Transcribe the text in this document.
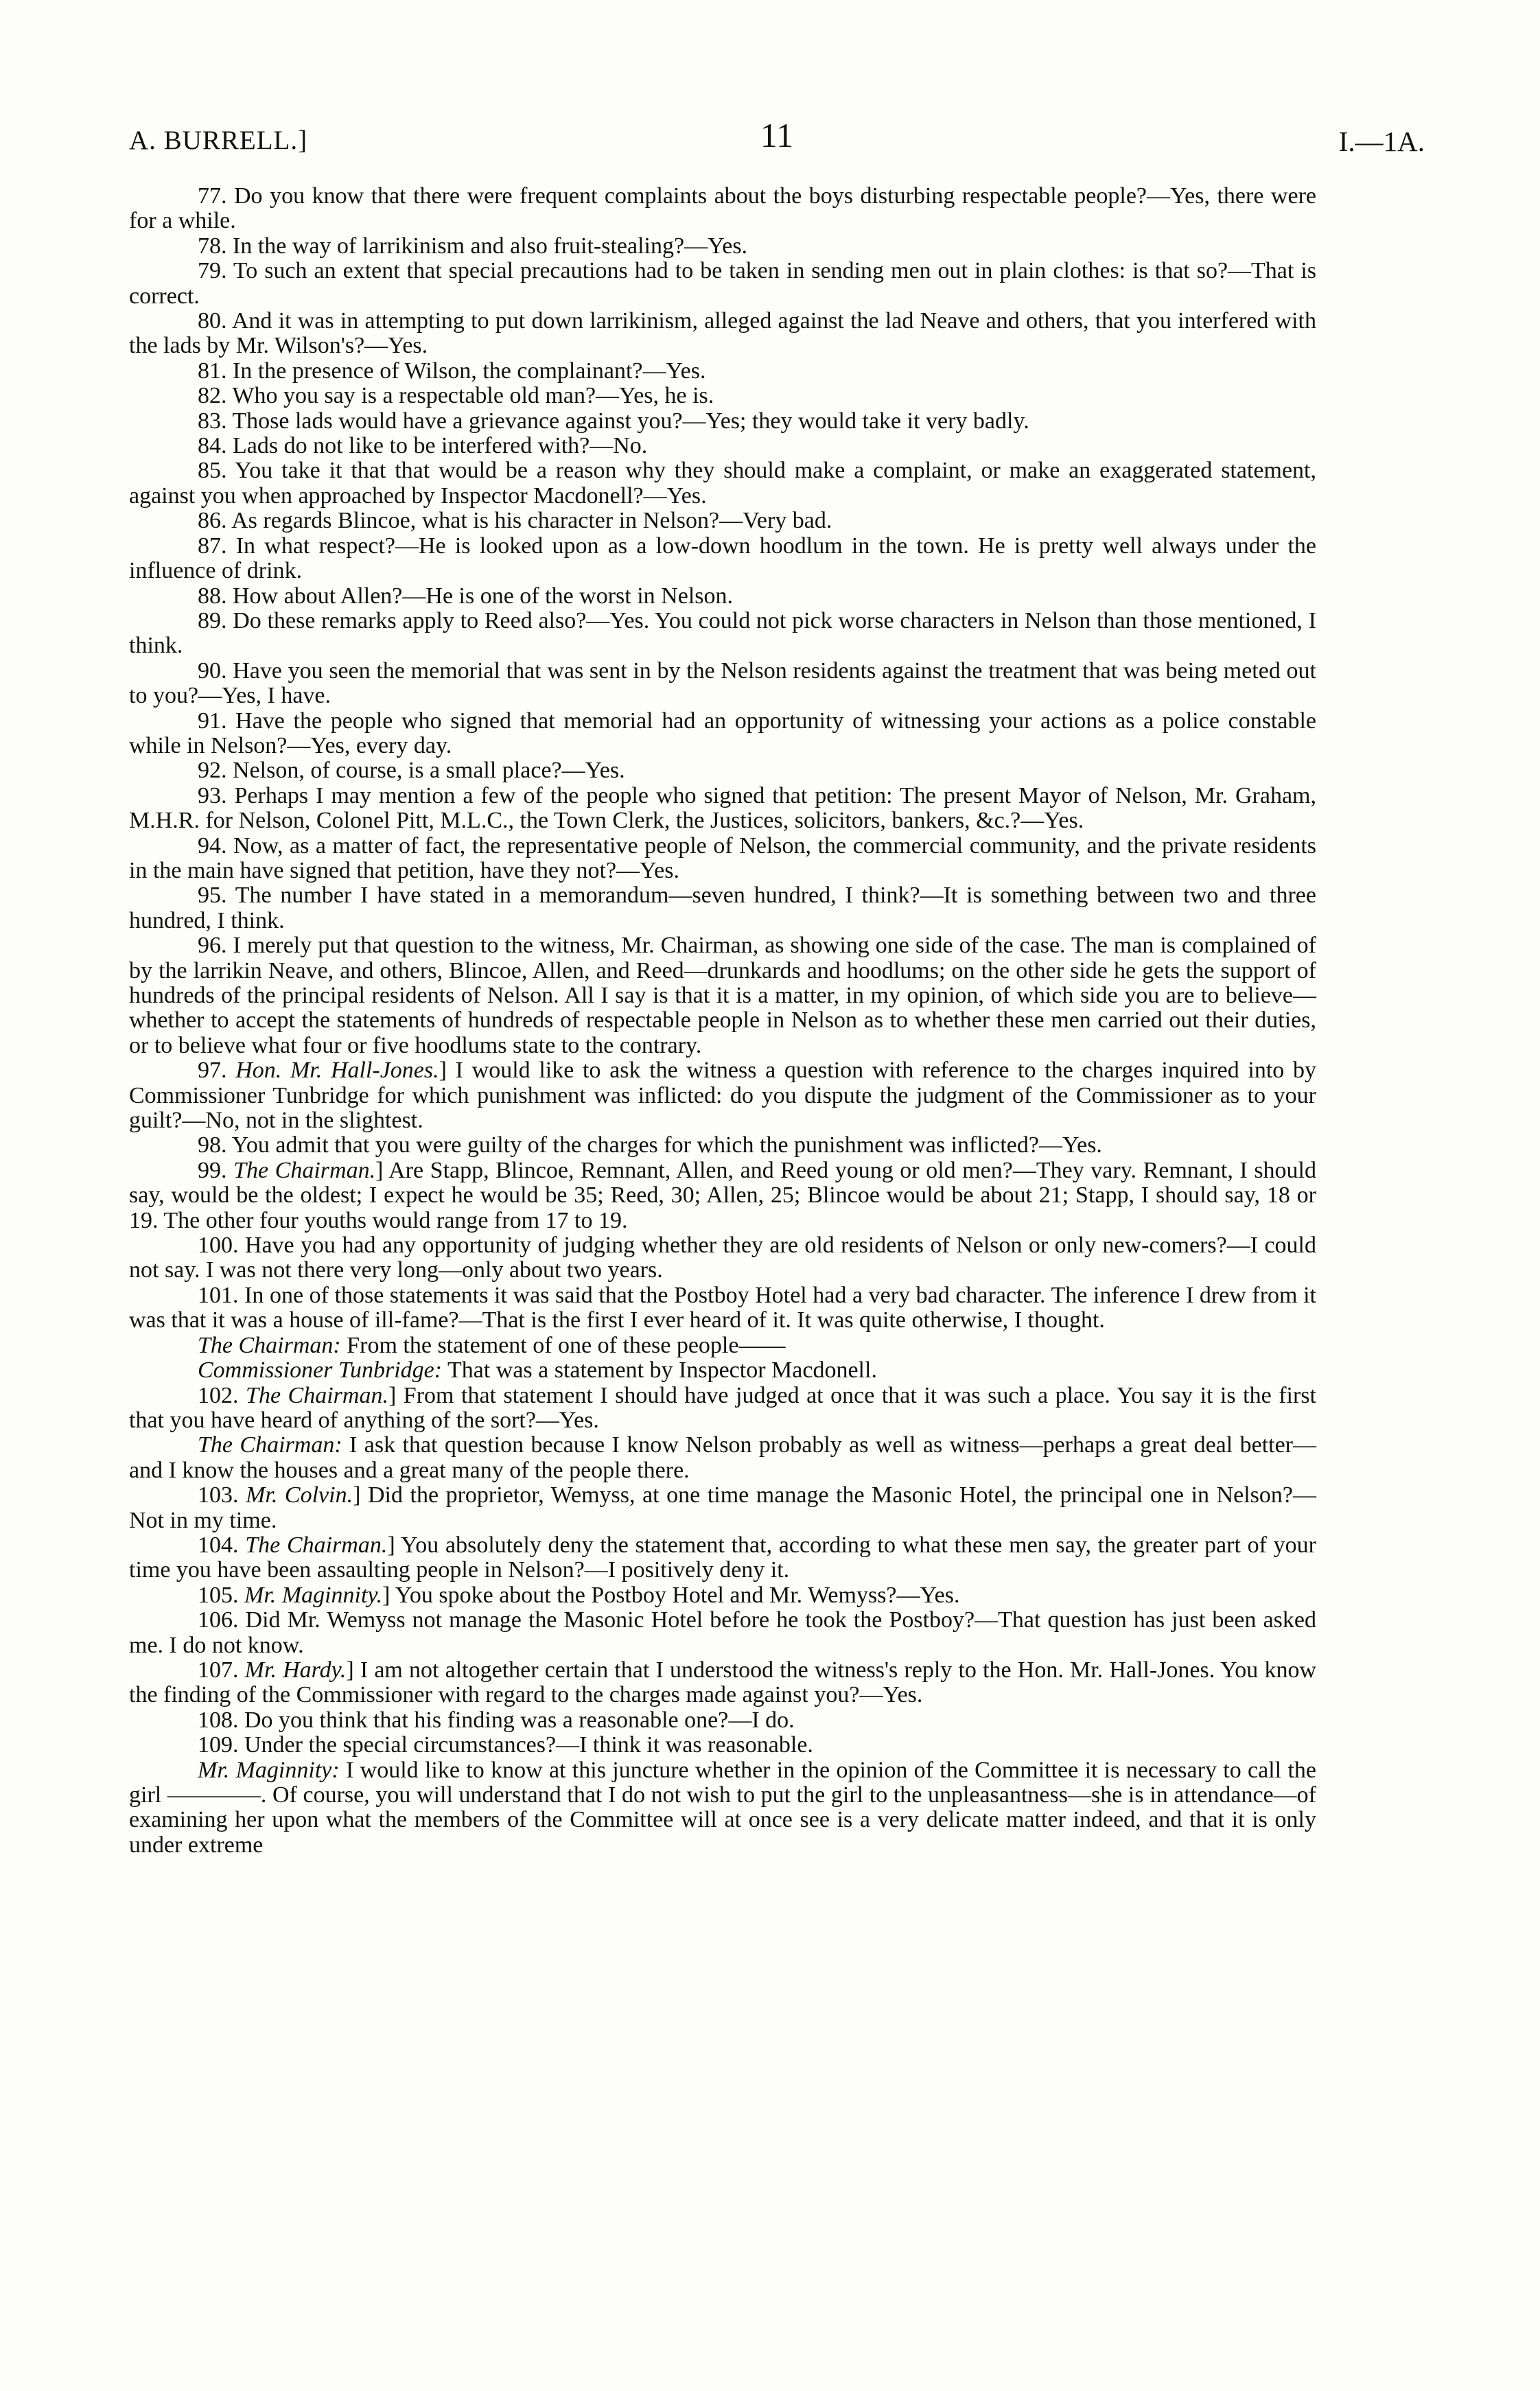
A. BURRELL.]	11	I.—1A.

77. Do you know that there were frequent complaints about the boys disturbing respectable people?—Yes, there were for a while.

78. In the way of larrikinism and also fruit-stealing?—Yes.

79. To such an extent that special precautions had to be taken in sending men out in plain clothes: is that so?—That is correct.

80. And it was in attempting to put down larrikinism, alleged against the lad Neave and others, that you interfered with the lads by Mr. Wilson's?—Yes.

81. In the presence of Wilson, the complainant?—Yes.

82. Who you say is a respectable old man?—Yes, he is.

83. Those lads would have a grievance against you?—Yes; they would take it very badly.

84. Lads do not like to be interfered with?—No.

85. You take it that that would be a reason why they should make a complaint, or make an exaggerated statement, against you when approached by Inspector Macdonell?—Yes.

86. As regards Blincoe, what is his character in Nelson?—Very bad.

87. In what respect?—He is looked upon as a low-down hoodlum in the town. He is pretty well always under the influence of drink.

88. How about Allen?—He is one of the worst in Nelson.

89. Do these remarks apply to Reed also?—Yes. You could not pick worse characters in Nelson than those mentioned, I think.

90. Have you seen the memorial that was sent in by the Nelson residents against the treatment that was being meted out to you?—Yes, I have.

91. Have the people who signed that memorial had an opportunity of witnessing your actions as a police constable while in Nelson?—Yes, every day.

92. Nelson, of course, is a small place?—Yes.

93. Perhaps I may mention a few of the people who signed that petition: The present Mayor of Nelson, Mr. Graham, M.H.R. for Nelson, Colonel Pitt, M.L.C., the Town Clerk, the Justices, solicitors, bankers, &c.?—Yes.

94. Now, as a matter of fact, the representative people of Nelson, the commercial community, and the private residents in the main have signed that petition, have they not?—Yes.

95. The number I have stated in a memorandum—seven hundred, I think?—It is something between two and three hundred, I think.

96. I merely put that question to the witness, Mr. Chairman, as showing one side of the case. The man is complained of by the larrikin Neave, and others, Blincoe, Allen, and Reed—drunkards and hoodlums; on the other side he gets the support of hundreds of the principal residents of Nelson. All I say is that it is a matter, in my opinion, of which side you are to believe—whether to accept the statements of hundreds of respectable people in Nelson as to whether these men carried out their duties, or to believe what four or five hoodlums state to the contrary.

97. Hon. Mr. Hall-Jones.] I would like to ask the witness a question with reference to the charges inquired into by Commissioner Tunbridge for which punishment was inflicted: do you dispute the judgment of the Commissioner as to your guilt?—No, not in the slightest.

98. You admit that you were guilty of the charges for which the punishment was inflicted?—Yes.

99. The Chairman.] Are Stapp, Blincoe, Remnant, Allen, and Reed young or old men?—They vary. Remnant, I should say, would be the oldest; I expect he would be 35; Reed, 30; Allen, 25; Blincoe would be about 21; Stapp, I should say, 18 or 19. The other four youths would range from 17 to 19.

100. Have you had any opportunity of judging whether they are old residents of Nelson or only new-comers?—I could not say. I was not there very long—only about two years.

101. In one of those statements it was said that the Postboy Hotel had a very bad character. The inference I drew from it was that it was a house of ill-fame?—That is the first I ever heard of it. It was quite otherwise, I thought.

The Chairman: From the statement of one of these people——

Commissioner Tunbridge: That was a statement by Inspector Macdonell.

102. The Chairman.] From that statement I should have judged at once that it was such a place. You say it is the first that you have heard of anything of the sort?—Yes.

The Chairman: I ask that question because I know Nelson probably as well as witness—perhaps a great deal better—and I know the houses and a great many of the people there.

103. Mr. Colvin.] Did the proprietor, Wemyss, at one time manage the Masonic Hotel, the principal one in Nelson?—Not in my time.

104. The Chairman.] You absolutely deny the statement that, according to what these men say, the greater part of your time you have been assaulting people in Nelson?—I positively deny it.

105. Mr. Maginnity.] You spoke about the Postboy Hotel and Mr. Wemyss?—Yes.

106. Did Mr. Wemyss not manage the Masonic Hotel before he took the Postboy?—That question has just been asked me. I do not know.

107. Mr. Hardy.] I am not altogether certain that I understood the witness's reply to the Hon. Mr. Hall-Jones. You know the finding of the Commissioner with regard to the charges made against you?—Yes.

108. Do you think that his finding was a reasonable one?—I do.

109. Under the special circumstances?—I think it was reasonable.

Mr. Maginnity: I would like to know at this juncture whether in the opinion of the Committee it is necessary to call the girl ————. Of course, you will understand that I do not wish to put the girl to the unpleasantness—she is in attendance—of examining her upon what the members of the Committee will at once see is a very delicate matter indeed, and that it is only under extreme
